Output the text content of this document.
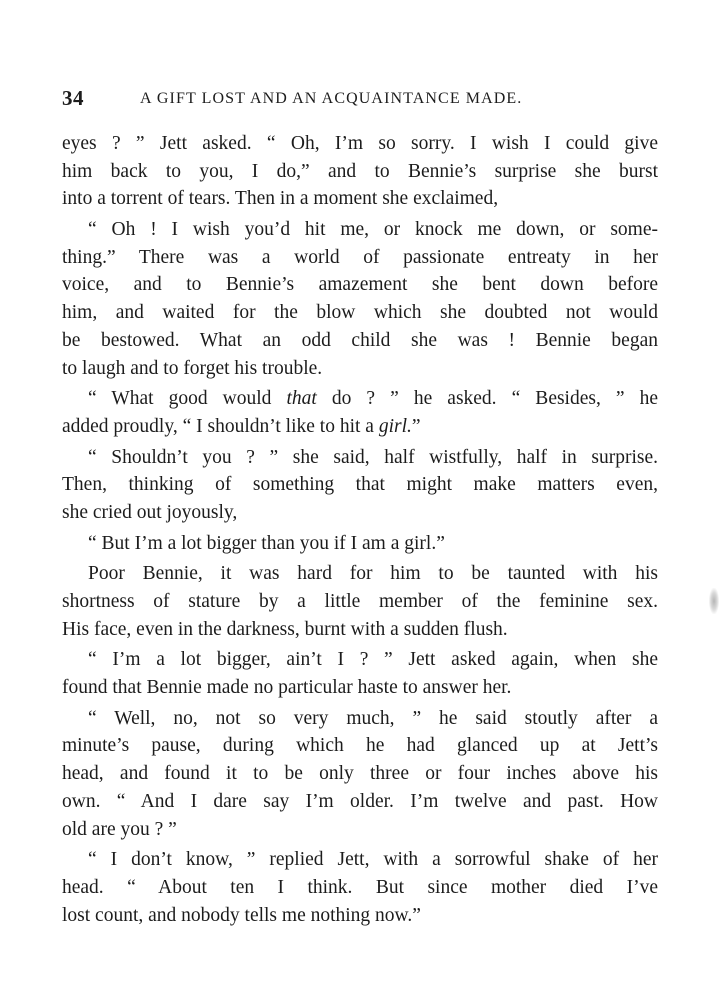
34	A GIFT LOST AND AN ACQUAINTANCE MADE.
eyes ? ” Jett asked. “ Oh, I’m so sorry. I wish I could give
him back to you, I do,” and to Bennie’s surprise she burst
into a torrent of tears. Then in a moment she exclaimed,
“ Oh ! I wish you’d hit me, or knock me down, or some-
thing.” There was a world of passionate entreaty in her
voice, and to Bennie’s amazement she bent down before
him, and waited for the blow which she doubted not would
be bestowed. What an odd child she was ! Bennie began
to laugh and to forget his trouble.
“ What good would that do ? ” he asked. “ Besides, ” he
added proudly, “ I shouldn’t like to hit a girl.”
“ Shouldn’t you ? ” she said, half wistfully, half in surprise.
Then, thinking of something that might make matters even,
she cried out joyously,
“ But I’m a lot bigger than you if I am a girl.”
Poor Bennie, it was hard for him to be taunted with his
shortness of stature by a little member of the feminine sex.
His face, even in the darkness, burnt with a sudden flush.
“ I’m a lot bigger, ain’t I ? ” Jett asked again, when she
found that Bennie made no particular haste to answer her.
“ Well, no, not so very much, ” he said stoutly after a
minute’s pause, during which he had glanced up at Jett’s
head, and found it to be only three or four inches above his
own. “ And I dare say I’m older. I’m twelve and past. How
old are you ? ”
“ I don’t know, ” replied Jett, with a sorrowful shake of her
head. “ About ten I think. But since mother died I’ve
lost count, and nobody tells me nothing now.”
